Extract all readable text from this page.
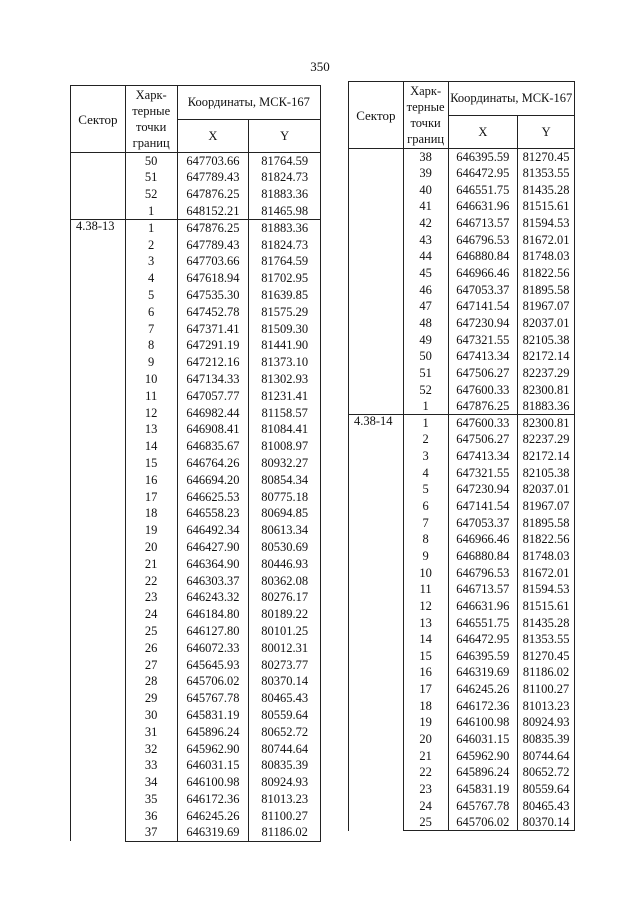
350
Сектор	Харк-терные точки границ	Координаты, МСК-167	
		X	Y
	50	647703.66	81764.59
	51	647789.43	81824.73
	52	647876.25	81883.36
	1	648152.21	81465.98
4.38-13	1	647876.25	81883.36
	2	647789.43	81824.73
	3	647703.66	81764.59
	4	647618.94	81702.95
	5	647535.30	81639.85
	6	647452.78	81575.29
	7	647371.41	81509.30
	8	647291.19	81441.90
	9	647212.16	81373.10
	10	647134.33	81302.93
	11	647057.77	81231.41
	12	646982.44	81158.57
	13	646908.41	81084.41
	14	646835.67	81008.97
	15	646764.26	80932.27
	16	646694.20	80854.34
	17	646625.53	80775.18
	18	646558.23	80694.85
	19	646492.34	80613.34
	20	646427.90	80530.69
	21	646364.90	80446.93
	22	646303.37	80362.08
	23	646243.32	80276.17
	24	646184.80	80189.22
	25	646127.80	80101.25
	26	646072.33	80012.31
	27	645645.93	80273.77
	28	645706.02	80370.14
	29	645767.78	80465.43
	30	645831.19	80559.64
	31	645896.24	80652.72
	32	645962.90	80744.64
	33	646031.15	80835.39
	34	646100.98	80924.93
	35	646172.36	81013.23
	36	646245.26	81100.27
	37	646319.69	81186.02
Сектор	Харк-терные точки границ	Координаты, МСК-167	
		X	Y
	38	646395.59	81270.45
	39	646472.95	81353.55
	40	646551.75	81435.28
	41	646631.96	81515.61
	42	646713.57	81594.53
	43	646796.53	81672.01
	44	646880.84	81748.03
	45	646966.46	81822.56
	46	647053.37	81895.58
	47	647141.54	81967.07
	48	647230.94	82037.01
	49	647321.55	82105.38
	50	647413.34	82172.14
	51	647506.27	82237.29
	52	647600.33	82300.81
	1	647876.25	81883.36
4.38-14	1	647600.33	82300.81
	2	647506.27	82237.29
	3	647413.34	82172.14
	4	647321.55	82105.38
	5	647230.94	82037.01
	6	647141.54	81967.07
	7	647053.37	81895.58
	8	646966.46	81822.56
	9	646880.84	81748.03
	10	646796.53	81672.01
	11	646713.57	81594.53
	12	646631.96	81515.61
	13	646551.75	81435.28
	14	646472.95	81353.55
	15	646395.59	81270.45
	16	646319.69	81186.02
	17	646245.26	81100.27
	18	646172.36	81013.23
	19	646100.98	80924.93
	20	646031.15	80835.39
	21	645962.90	80744.64
	22	645896.24	80652.72
	23	645831.19	80559.64
	24	645767.78	80465.43
	25	645706.02	80370.14
